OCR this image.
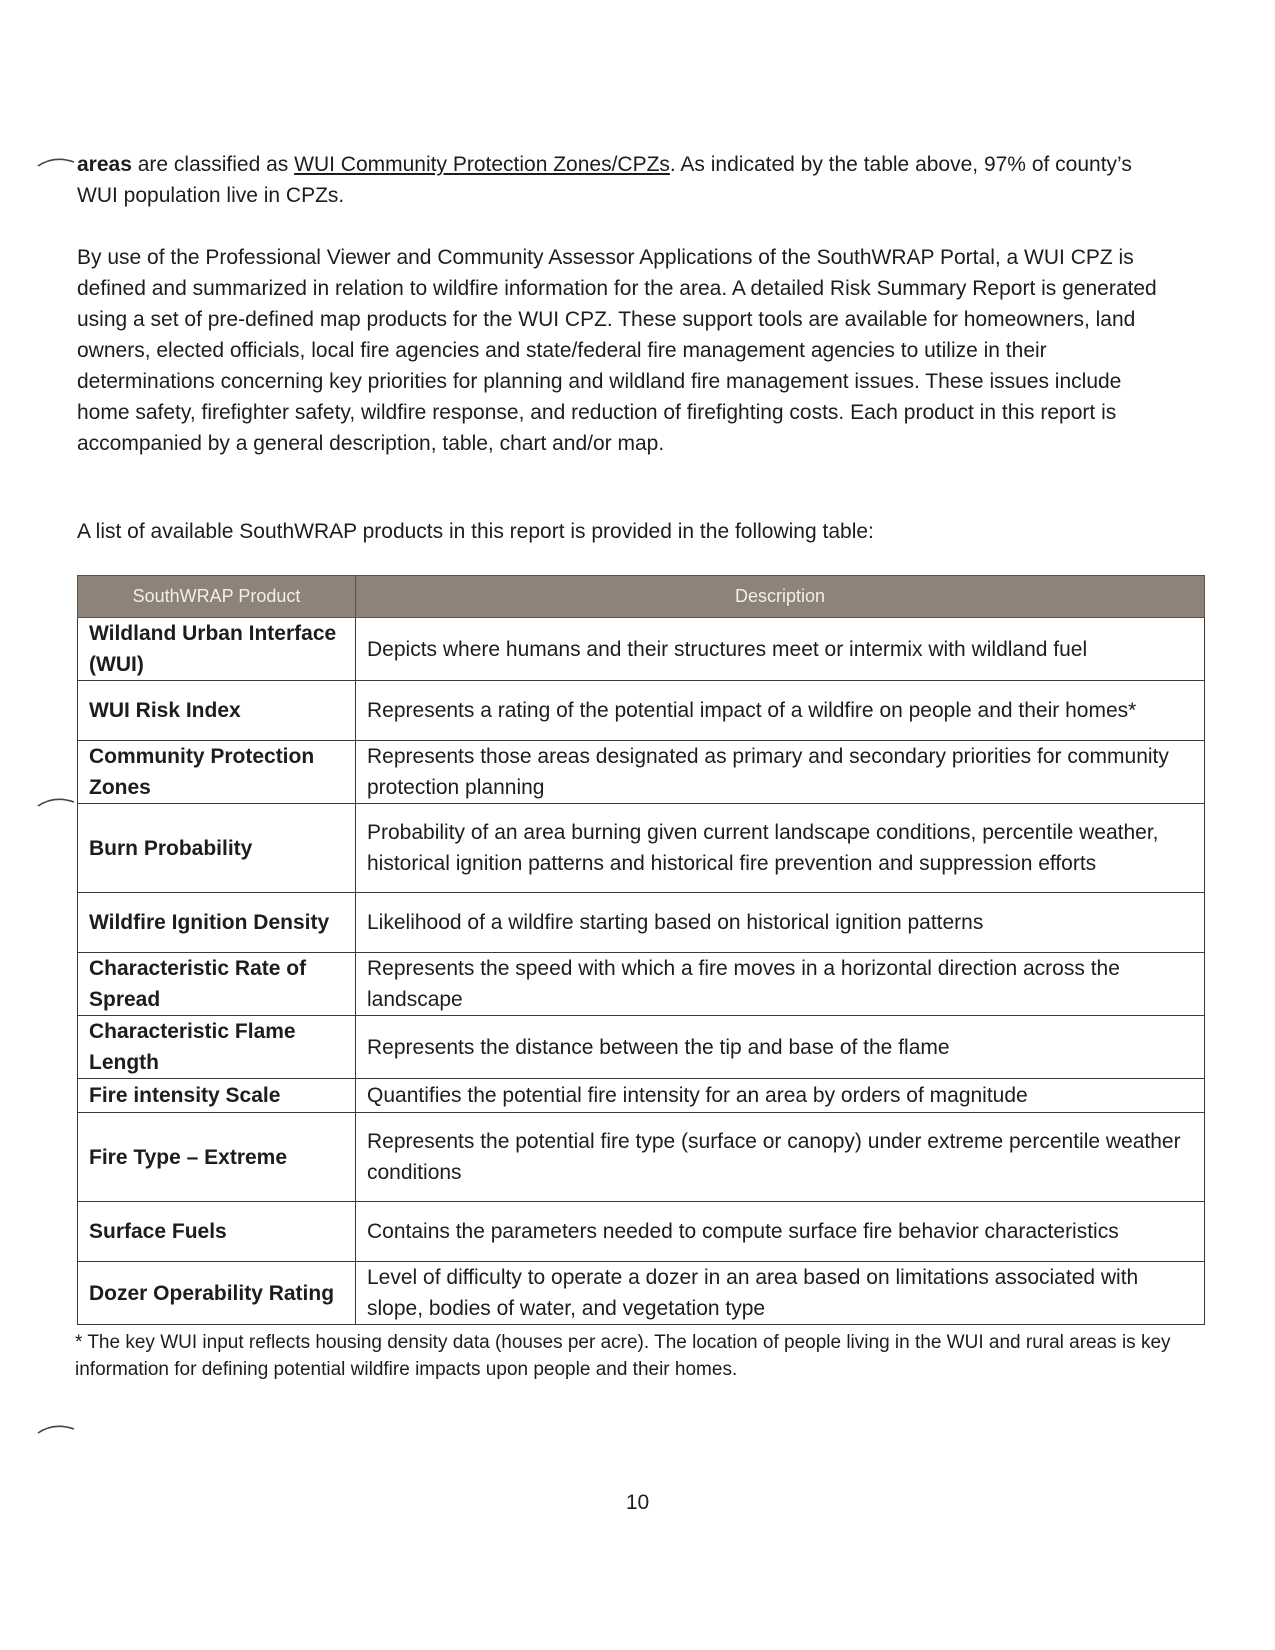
areas are classified as WUI Community Protection Zones/CPZs. As indicated by the table above, 97% of county’s WUI population live in CPZs.

By use of the Professional Viewer and Community Assessor Applications of the SouthWRAP Portal, a WUI CPZ is defined and summarized in relation to wildfire information for the area. A detailed Risk Summary Report is generated using a set of pre-defined map products for the WUI CPZ. These support tools are available for homeowners, land owners, elected officials, local fire agencies and state/federal fire management agencies to utilize in their determinations concerning key priorities for planning and wildland fire management issues. These issues include home safety, firefighter safety, wildfire response, and reduction of firefighting costs. Each product in this report is accompanied by a general description, table, chart and/or map.

A list of available SouthWRAP products in this report is provided in the following table:

SouthWRAP Product	Description
Wildland Urban Interface (WUI)	Depicts where humans and their structures meet or intermix with wildland fuel
WUI Risk Index	Represents a rating of the potential impact of a wildfire on people and their homes*
Community Protection Zones	Represents those areas designated as primary and secondary priorities for community protection planning
Burn Probability	Probability of an area burning given current landscape conditions, percentile weather, historical ignition patterns and historical fire prevention and suppression efforts
Wildfire Ignition Density	Likelihood of a wildfire starting based on historical ignition patterns
Characteristic Rate of Spread	Represents the speed with which a fire moves in a horizontal direction across the landscape
Characteristic Flame Length	Represents the distance between the tip and base of the flame
Fire intensity Scale	Quantifies the potential fire intensity for an area by orders of magnitude
Fire Type – Extreme	Represents the potential fire type (surface or canopy) under extreme percentile weather conditions
Surface Fuels	Contains the parameters needed to compute surface fire behavior characteristics
Dozer Operability Rating	Level of difficulty to operate a dozer in an area based on limitations associated with slope, bodies of water, and vegetation type

* The key WUI input reflects housing density data (houses per acre). The location of people living in the WUI and rural areas is key information for defining potential wildfire impacts upon people and their homes.

10
